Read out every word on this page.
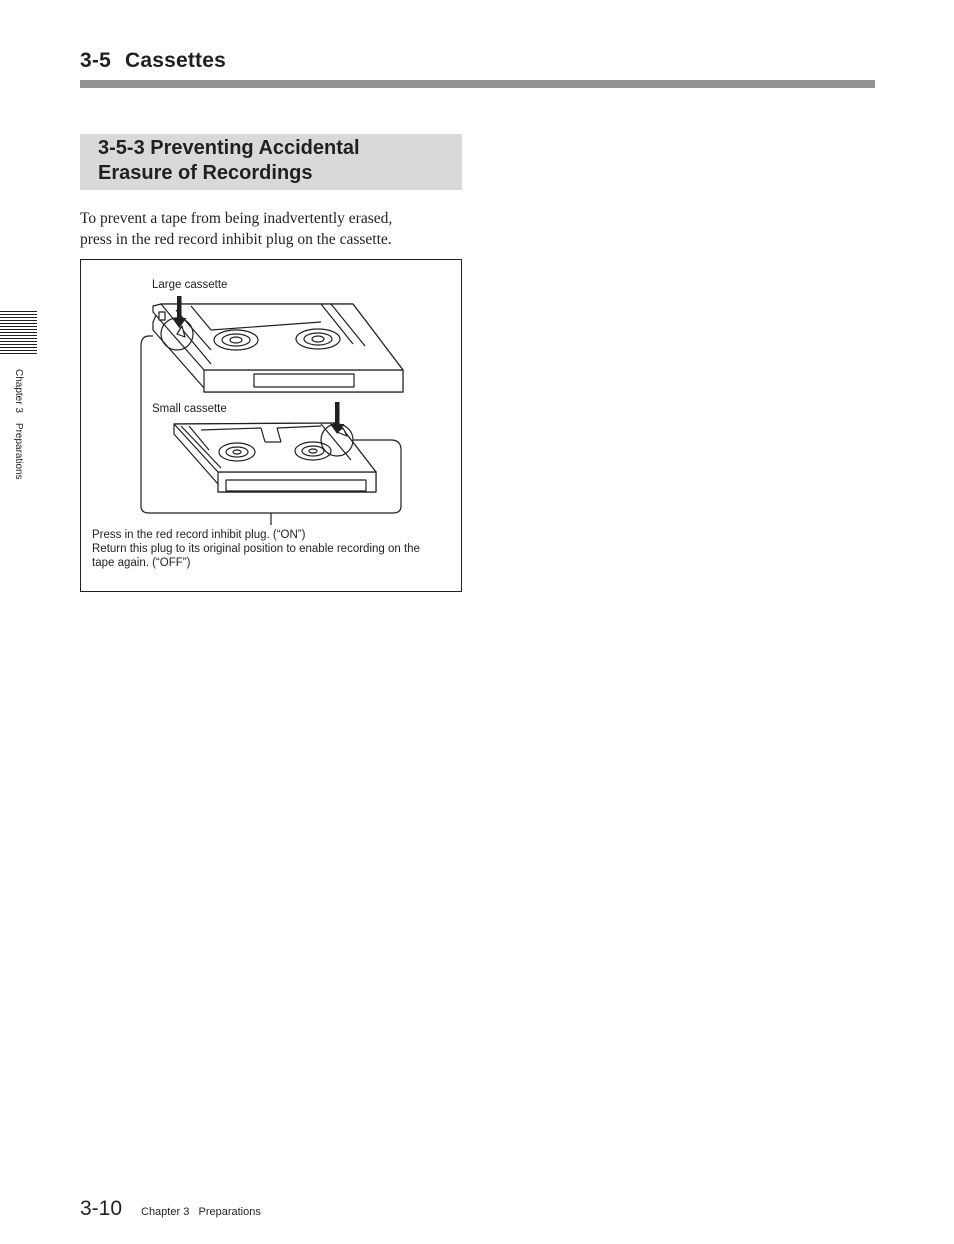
3-5 Cassettes
3-5-3 Preventing Accidental
Erasure of Recordings

To prevent a tape from being inadvertently erased,
press in the red record inhibit plug on the cassette.

Large cassette
Small cassette
Press in the red record inhibit plug. (“ON”)
Return this plug to its original position to enable recording on the
tape again. (“OFF”)
Chapter 3Preparations
3-10 Chapter 3   Preparations
